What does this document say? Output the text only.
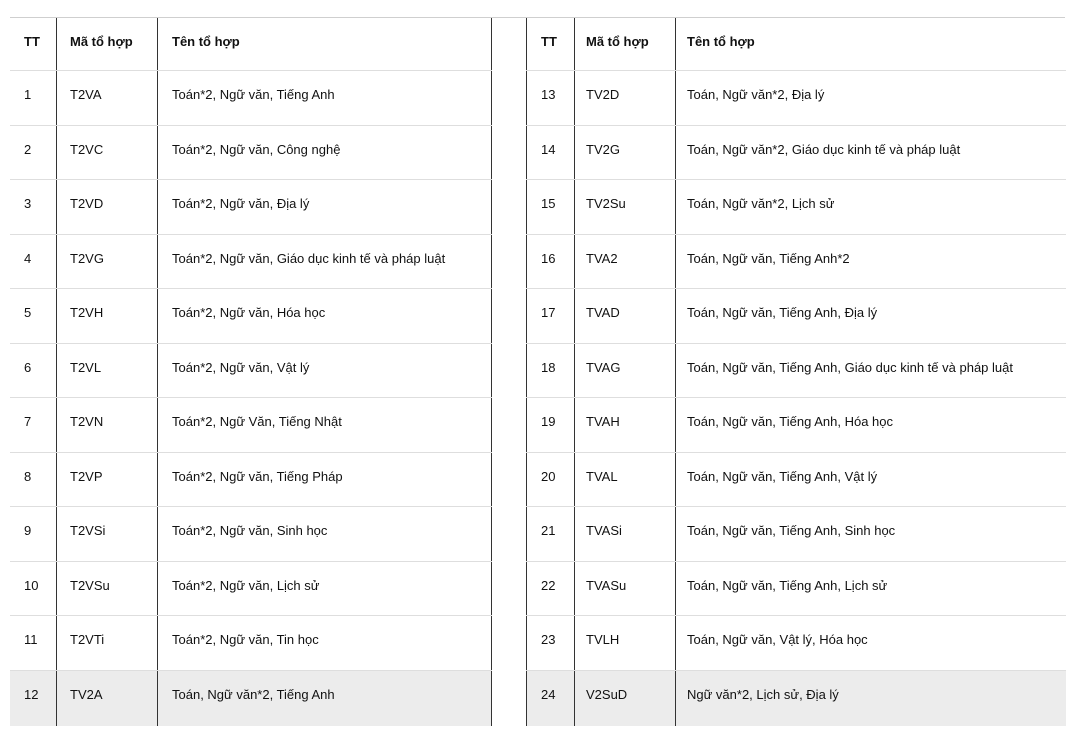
TT	Mã tổ hợp	Tên tổ hợp
1	T2VA	Toán*2, Ngữ văn, Tiếng Anh
2	T2VC	Toán*2, Ngữ văn, Công nghệ
3	T2VD	Toán*2, Ngữ văn, Địa lý
4	T2VG	Toán*2, Ngữ văn, Giáo dục kinh tế và pháp luật
5	T2VH	Toán*2, Ngữ văn, Hóa học
6	T2VL	Toán*2, Ngữ văn, Vật lý
7	T2VN	Toán*2, Ngữ Văn, Tiếng Nhật
8	T2VP	Toán*2, Ngữ văn, Tiếng Pháp
9	T2VSi	Toán*2, Ngữ văn, Sinh học
10	T2VSu	Toán*2, Ngữ văn, Lịch sử
11	T2VTi	Toán*2, Ngữ văn, Tin học
12	TV2A	Toán, Ngữ văn*2, Tiếng Anh
TT	Mã tổ hợp	Tên tổ hợp
13	TV2D	Toán, Ngữ văn*2, Địa lý
14	TV2G	Toán, Ngữ văn*2, Giáo dục kinh tế và pháp luật
15	TV2Su	Toán, Ngữ văn*2, Lịch sử
16	TVA2	Toán, Ngữ văn, Tiếng Anh*2
17	TVAD	Toán, Ngữ văn, Tiếng Anh, Địa lý
18	TVAG	Toán, Ngữ văn, Tiếng Anh, Giáo dục kinh tế và pháp luật
19	TVAH	Toán, Ngữ văn, Tiếng Anh, Hóa học
20	TVAL	Toán, Ngữ văn, Tiếng Anh, Vật lý
21	TVASi	Toán, Ngữ văn, Tiếng Anh, Sinh học
22	TVASu	Toán, Ngữ văn, Tiếng Anh, Lịch sử
23	TVLH	Toán, Ngữ văn, Vật lý, Hóa học
24	V2SuD	Ngữ văn*2, Lịch sử, Địa lý
